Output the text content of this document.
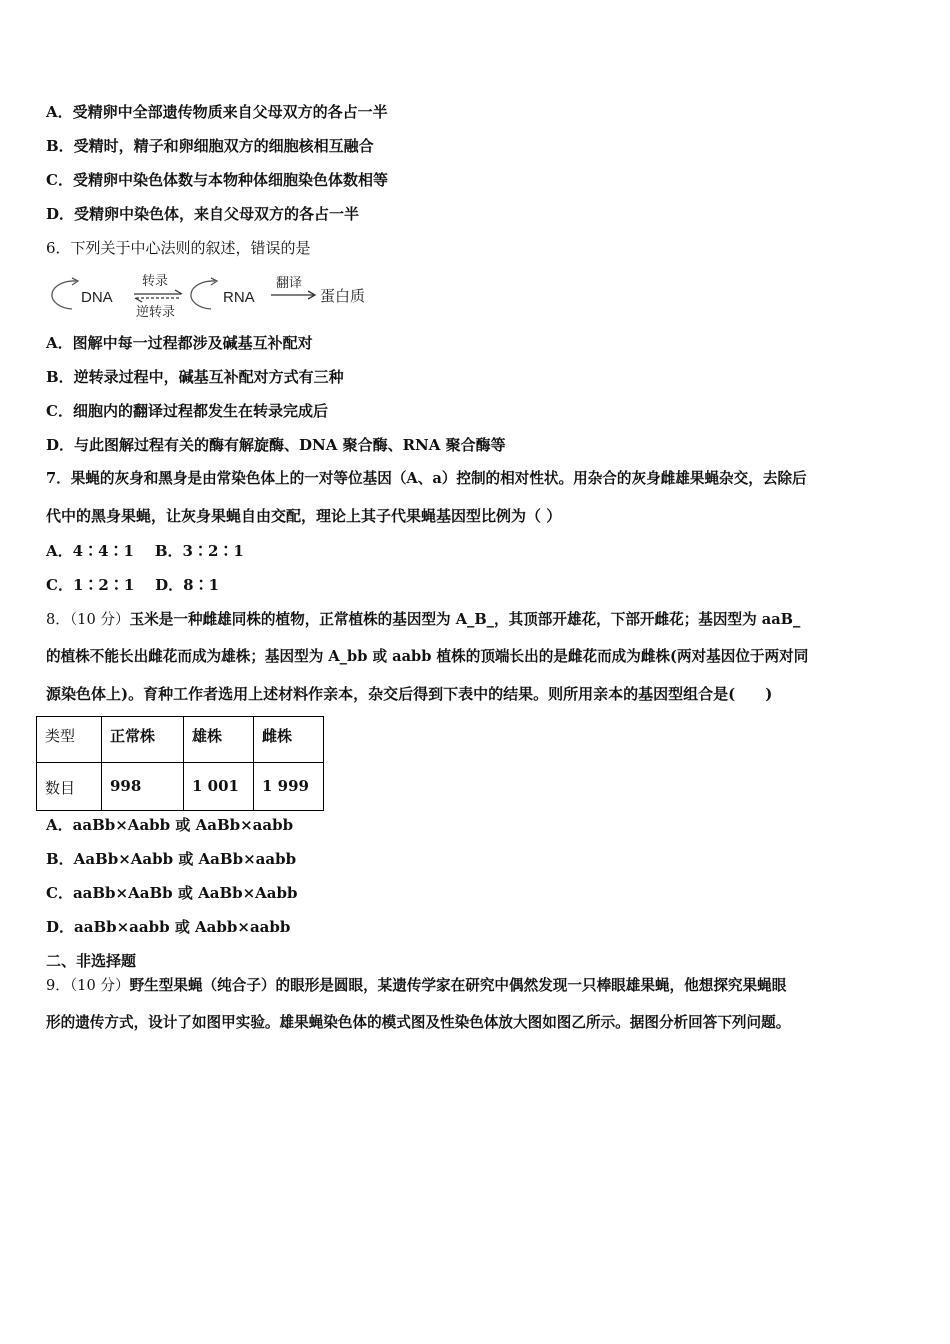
A．受精卵中全部遗传物质来自父母双方的各占一半
B．受精时，精子和卵细胞双方的细胞核相互融合
C．受精卵中染色体数与本物种体细胞染色体数相等
D．受精卵中染色体，来自父母双方的各占一半
6．下列关于中心法则的叙述，错误的是
DNA
转录
逆转录
RNA
翻译
蛋白质
A．图解中每一过程都涉及碱基互补配对
B．逆转录过程中，碱基互补配对方式有三种
C．细胞内的翻译过程都发生在转录完成后
D．与此图解过程有关的酶有解旋酶、DNA 聚合酶、RNA 聚合酶等
7．果蝇的灰身和黑身是由常染色体上的一对等位基因（A、a）控制的相对性状。用杂合的灰身雌雄果蝇杂交，去除后
代中的黑身果蝇，让灰身果蝇自由交配，理论上其子代果蝇基因型比例为（ ）
A．4∶4∶1    B．3∶2∶1
C．1∶2∶1    D．8∶1
8．（10 分）玉米是一种雌雄同株的植物，正常植株的基因型为 A_B_，其顶部开雄花，下部开雌花；基因型为 aaB_
的植株不能长出雌花而成为雄株；基因型为 A_bb 或 aabb 植株的顶端长出的是雌花而成为雌株(两对基因位于两对同
源染色体上)。育种工作者选用上述材料作亲本，杂交后得到下表中的结果。则所用亲本的基因型组合是(　　)
类型	正常株	雄株	雌株
数目	998	1 001	1 999
A．aaBb×Aabb 或 AaBb×aabb
B．AaBb×Aabb 或 AaBb×aabb
C．aaBb×AaBb 或 AaBb×Aabb
D．aaBb×aabb 或 Aabb×aabb
二、非选择题
9．（10 分）野生型果蝇（纯合子）的眼形是圆眼，某遗传学家在研究中偶然发现一只棒眼雄果蝇，他想探究果蝇眼
形的遗传方式，设计了如图甲实验。雄果蝇染色体的模式图及性染色体放大图如图乙所示。据图分析回答下列问题。
